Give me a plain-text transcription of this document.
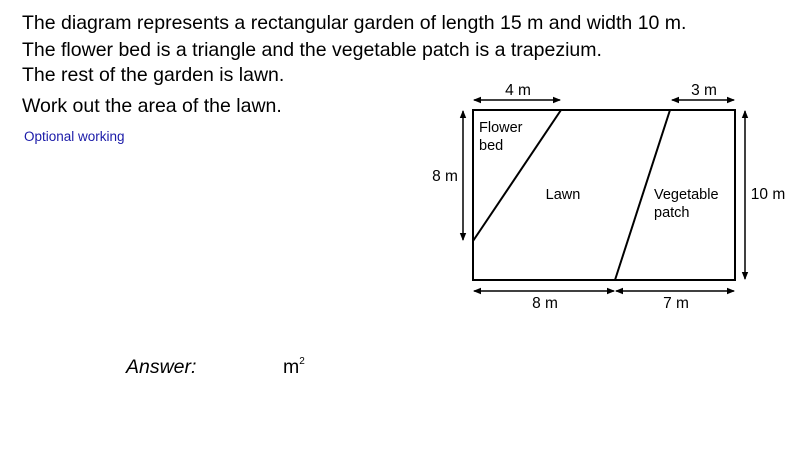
The diagram represents a rectangular garden of length 15 m and width 10 m.
The flower bed is a triangle and the vegetable patch is a trapezium.
The rest of the garden is lawn.
Work out the area of the lawn.
Optional working
4 m	3 m
8 m
10 m
8 m	7 m
Flower
bed
Lawn	Vegetable
patch
Answer:	$m^2$
